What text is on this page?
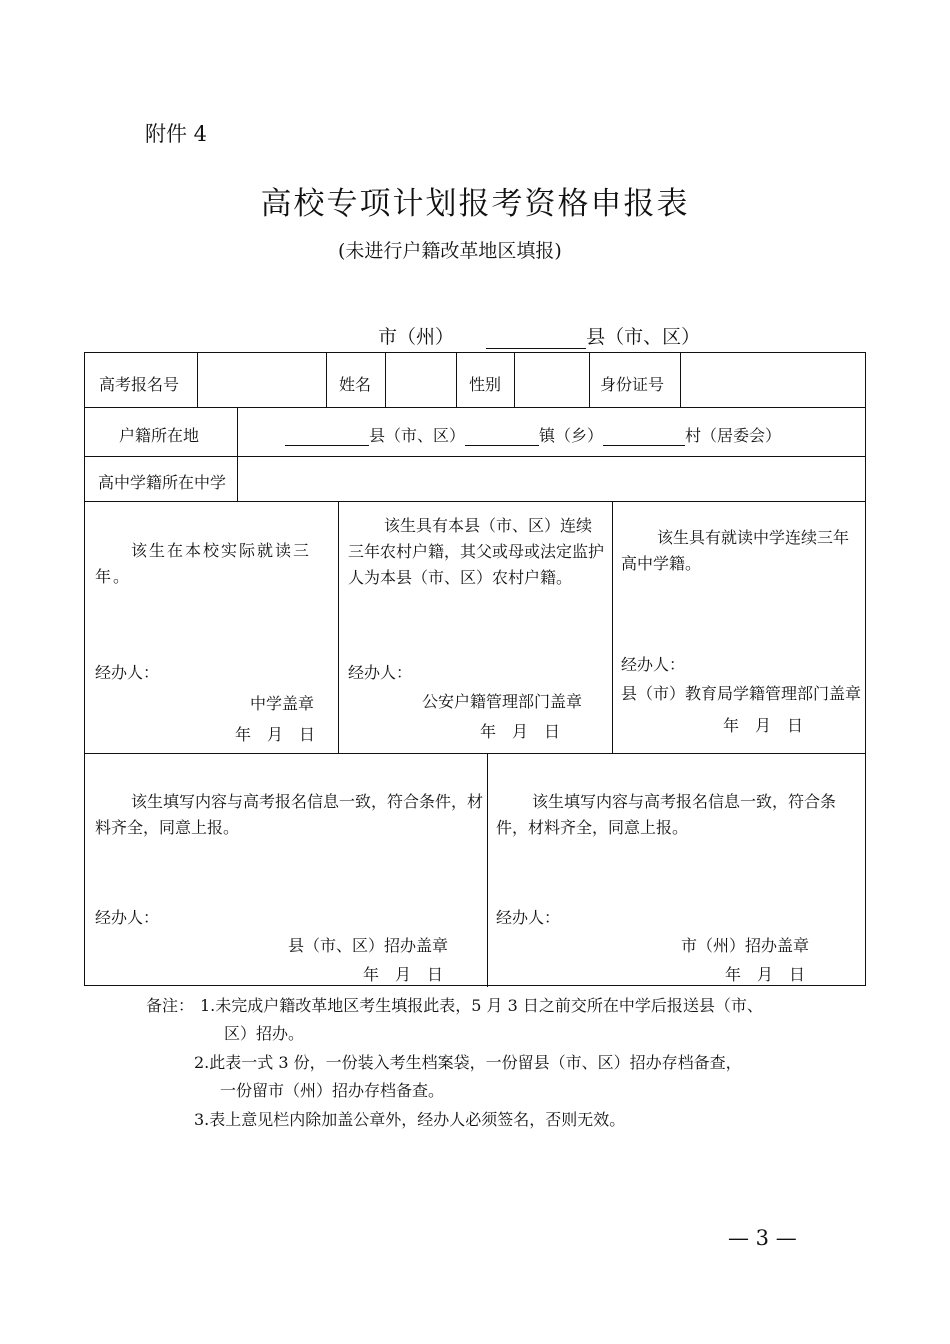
附件 4
高校专项计划报考资格申报表
(未进行户籍改革地区填报)
市（州）	县（市、区）
高考报名号	姓名	性别	身份证号
户籍所在地	县（市、区）	镇（乡）	村（居委会）
高中学籍所在中学
该生在本校实际就读三年。
经办人：
中学盖章
年　月　日
该生具有本县（市、区）连续三年农村户籍，其父或母或法定监护人为本县（市、区）农村户籍。
经办人：
公安户籍管理部门盖章
年　月　日
该生具有就读中学连续三年高中学籍。
经办人：
县（市）教育局学籍管理部门盖章
年　月　日
该生填写内容与高考报名信息一致，符合条件，材料齐全，同意上报。
经办人：
县（市、区）招办盖章
年　月　日
该生填写内容与高考报名信息一致，符合条件，材料齐全，同意上报。
经办人：
市（州）招办盖章
年　月　日
备注： 1.未完成户籍改革地区考生填报此表，5 月 3 日之前交所在中学后报送县（市、
区）招办。
2.此表一式 3 份，一份装入考生档案袋，一份留县（市、区）招办存档备查，
一份留市（州）招办存档备查。
3.表上意见栏内除加盖公章外，经办人必须签名，否则无效。
— 3 —
